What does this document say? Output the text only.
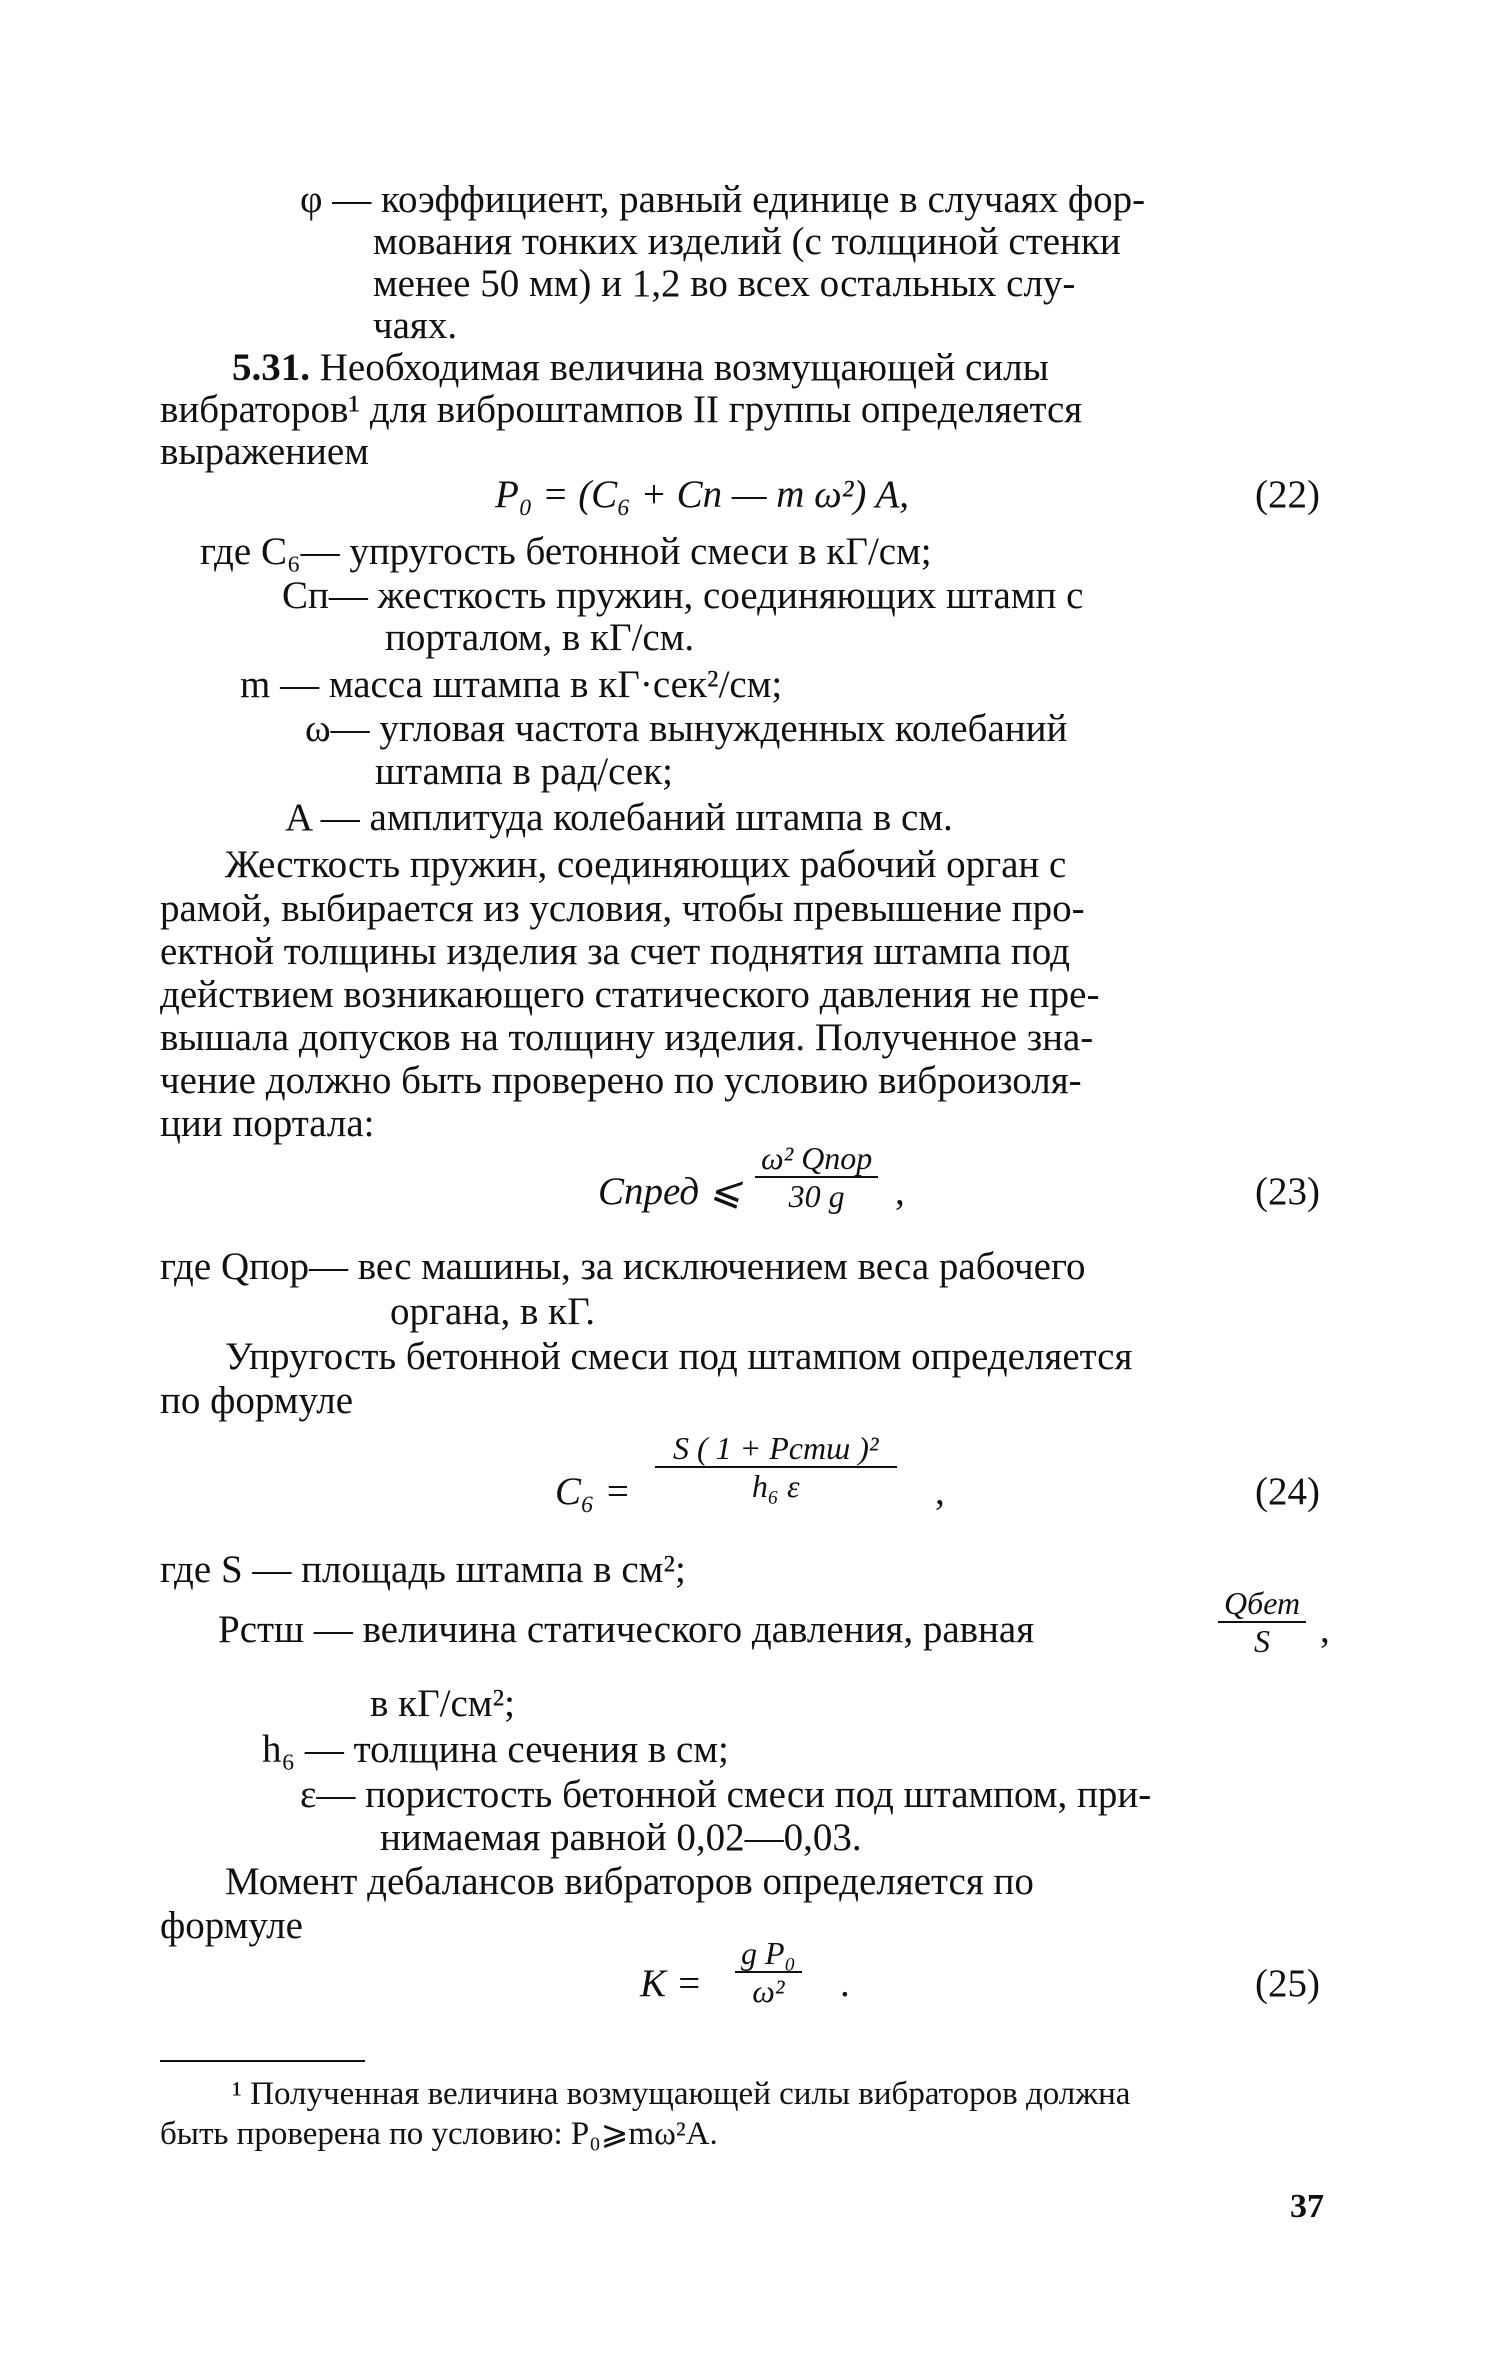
φ — коэффициент, равный единице в случаях фор-
мования тонких изделий (с толщиной стенки
менее 50 мм) и 1,2 во всех остальных слу-
чаях.
5.31. Необходимая величина возмущающей силы
вибраторов¹ для виброштампов II группы определяется
выражением
P₀ = (C₆ + Cп — m ω²) A,	(22)
где C₆— упругость бетонной смеси в кГ/см;
Cп— жесткость пружин, соединяющих штамп с
порталом, в кГ/см.
m — масса штампа в кГ·сек²/см;
ω— угловая частота вынужденных колебаний
штампа в рад/сек;
A — амплитуда колебаний штампа в см.
Жесткость пружин, соединяющих рабочий орган с
рамой, выбирается из условия, чтобы превышение про-
ектной толщины изделия за счет поднятия штампа под
действием возникающего статического давления не пре-
вышала допусков на толщину изделия. Полученное зна-
чение должно быть проверено по условию виброизоля-
ции портала:
Cпред ⩽
ω² Qпор
30 g	,	(23)
где Qпор— вес машины, за исключением веса рабочего
органа, в кГ.
Упругость бетонной смеси под штампом определяется
по формуле
C₆ =
S ( 1 + Pстш )²
h₆ ε	,	(24)
где S — площадь штампа в см²;
Pстш — величина статического давления, равная
Qбет
S	,
в кГ/см²;
h₆ — толщина сечения в см;
ε— пористость бетонной смеси под штампом, при-
нимаемая равной 0,02—0,03.
Момент дебалансов вибраторов определяется по
формуле
$K = \frac{\text{g P₀}}{\text{ω²}}$ .	(25)
¹ Полученная величина возмущающей силы вибраторов должна
быть проверена по условию: P₀⩾mω²A.
37
